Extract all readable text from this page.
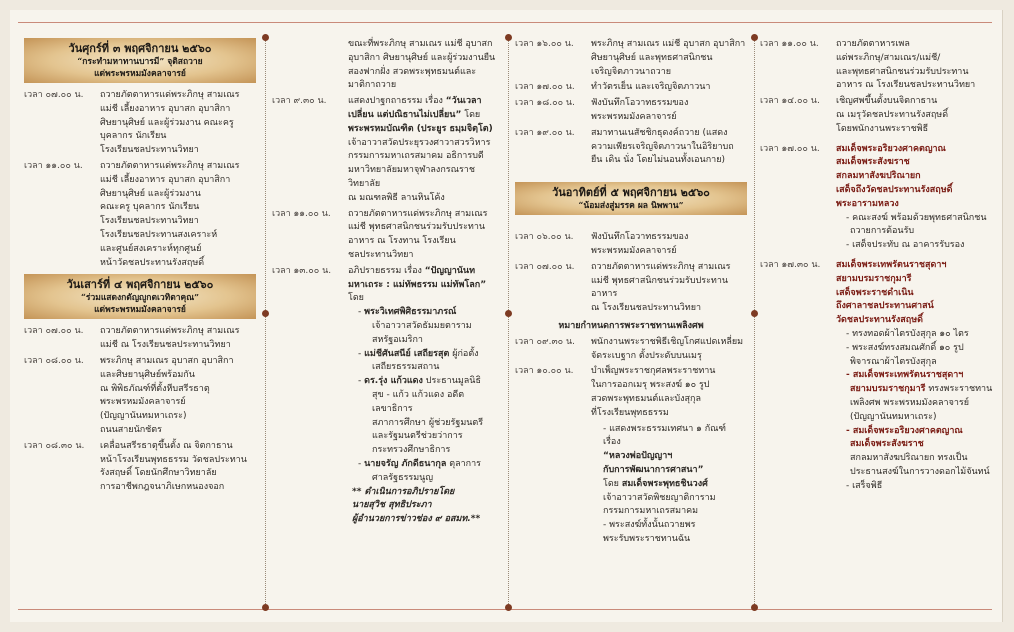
วันศุกร์ที่ ๓ พฤศจิกายน ๒๕๖๐
“กระทำมหาทานบารมี” จุติสถวาย
แด่พระพรหมมังคลาจารย์
เวลา ๐๗.๐๐ น.	ถวายภัตตาหารแด่พระภิกษุ สามเณร
แม่ชี เลี้ยงอาหาร อุบาสก อุบาสิกา
ศิษยานุศิษย์ และผู้ร่วมงาน คณะครู
บุคลากร นักเรียน
โรงเรียนชลประทานวิทยา
เวลา ๑๑.๐๐ น.	ถวายภัตตาหารแด่พระภิกษุ สามเณร
แม่ชี เลี้ยงอาหาร อุบาสก อุบาสิกา
ศิษยานุศิษย์ และผู้ร่วมงาน
คณะครู บุคลากร นักเรียน
โรงเรียนชลประทานวิทยา
โรงเรียนชลประทานสงเคราะห์
และศูนย์สงเคราะห์ทุกศูนย์
หน้าวัดชลประทานรังสฤษดิ์
วันเสาร์ที่ ๔ พฤศจิกายน ๒๕๖๐
“ร่วมแสดงกตัญญูกตเวทิตาคุณ”
แด่พระพรหมมังคลาจารย์
เวลา ๐๗.๐๐ น.	ถวายภัตตาหารแด่พระภิกษุ สามเณร
แม่ชี ณ โรงเรียนชลประทานวิทยา
เวลา ๐๘.๐๐ น.	พระภิกษุ สามเณร อุบาสก อุบาสิกา
และศิษยานุศิษย์พร้อมกัน
ณ พิพิธภัณฑ์ที่ตั้งหีบสรีรธาตุ
พระพรหมมังคลาจารย์
(ปัญญานันทมหาเถระ)
ถนนสายนักชัตร
เวลา ๐๘.๓๐ น.	เคลื่อนสรีรธาตุขึ้นตั้ง ณ จิตกาธาน
หน้าโรงเรียนพุทธธรรม วัดชลประทาน
รังสฤษดิ์ โดยนักศึกษาวิทยาลัย
การอาชีพกฎจนาภิเษกหนองจอก
ขณะที่พระภิกษุ สามเณร แม่ชี อุบาสก
อุบาสิกา ศิษยานุศิษย์ และผู้ร่วมงานยืน
สองฟากฝั่ง สวดพระพุทธมนต์และ
มาติกาถวาย
เวลา ๙.๓๐ น.	แสดงปาฐกถาธรรม เรื่อง “วันเวลา
เปลี่ยน แต่ปณิธานไม่เปลี่ยน” โดย
พระพรหมบัณฑิต (ประยูร ธมฺมจิตฺโต)
เจ้าอาวาสวัดประยุรวงศาวาสวรวิหาร
กรรมการมหาเถรสมาคม อธิการบดี
มหาวิทยาลัยมหาจุฬาลงกรณราชวิทยาลัย
ณ มณฑลพิธี ลานหินโค้ง
เวลา ๑๑.๐๐ น.	ถวายภัตตาหารแด่พระภิกษุ สามเณร
แม่ชี พุทธศาสนิกชนร่วมรับประทาน
อาหาร ณ โรงทาน โรงเรียน
ชลประทานวิทยา
เวลา ๑๓.๐๐ น.	อภิปรายธรรม เรื่อง “ปัญญานันท
มหาเถระ : แม่ทัพธรรม แม่ทัพโลก”
โดย
- พระวิเทศพิศิธรรมาภรณ์
เจ้าอาวาสวัดธัมมยตาราม
สหรัฐอเมริกา
- แม่ชีศันสนีย์ เสถียรสุต ผู้ก่อตั้ง
เสถียรธรรมสถาน
- ดร.รุ่ง แก้วแดง ประธานมูลนิธิ
สุข - แก้ว แก้วแดง อดีตเลขาธิการ
สภาการศึกษา ผู้ช่วยรัฐมนตรี
และรัฐมนตรีช่วยว่าการ
กระทรวงศึกษาธิการ
- นายจรัญ ภักดีธนากุล ตุลาการ
ศาลรัฐธรรมนูญ
** ดำเนินการอภิปรายโดย
นายสุวิช สุทธิประภา
ผู้อํานวยการข่าวช่อง ๙ อสมท.**
เวลา ๑๖.๐๐ น.	พระภิกษุ สามเณร แม่ชี อุบาสก อุบาสิกา
ศิษยานุศิษย์ และพุทธศาสนิกชน
เจริญจิตภาวนาถวาย
เวลา ๑๗.๐๐ น.	ทำวัตรเย็น และเจริญจิตภาวนา
เวลา ๑๘.๐๐ น.	ฟังบันทึกโอวาทธรรมของ
พระพรหมมังคลาจารย์
เวลา ๑๙.๐๐ น.	สมาทานเนสัชชิกธุดงค์ถวาย (แสดง
ความเพียรเจริญจิตภาวนาในอิริยาบถ
ยืน เดิน นั่ง โดยไม่นอนทั้งเอนกาย)
วันอาทิตย์ที่ ๕ พฤศจิกายน ๒๕๖๐
“น้อมส่งสู่มรรค ผล นิพพาน”
เวลา ๐๖.๐๐ น.	ฟังบันทึกโอวาทธรรมของ
พระพรหมมังคลาจารย์
เวลา ๐๗.๐๐ น.	ถวายภัตตาหารแด่พระภิกษุ สามเณร
แม่ชี พุทธศาสนิกชนร่วมรับประทานอาหาร
ณ โรงเรียนชลประทานวิทยา
หมายกำหนดการพระราชทานเพลิงศพ
เวลา ๐๙.๓๐ น.	พนักงานพระราชพิธีเชิญโกศแปดเหลี่ยม
จัดระเบฐาก ตั้งประดับบนเมรุ
เวลา ๑๐.๐๐ น.	บำเพ็ญพระราชกุศลพระราชทาน
ในการออกเมรุ พระสงฆ์ ๑๐ รูป
สวดพระพุทธมนต์และบังสุกุล
ที่โรงเรียนพุทธธรรม
- แสดงพระธรรมเทศนา ๑ กัณฑ์
เรื่อง
“หลวงพ่อปัญญาฯ
กับการพัฒนาการศาสนา”
โดย สมเด็จพระพุทธชินวงศ์
เจ้าอาวาสวัดพิชยญาติการาม
กรรมการมหาเถรสมาคม
- พระสงฆ์ทั้งนั้นถวายพร
พระรับพระราชทานฉัน
เวลา ๑๑.๐๐ น.	ถวายภัตตาหารเพล
แด่พระภิกษุ/สามเณร/แม่ชี/
และพุทธศาสนิกชนร่วมรับประทาน
อาหาร ณ โรงเรียนชลประทานวิทยา
เวลา ๑๔.๐๐ น.	เชิญศพขึ้นตั้งบนจิตกาธาน
ณ เมรุวัดชลประทานรังสฤษดิ์
โดยพนักงานพระราชพิธี
เวลา ๑๗.๐๐ น.	สมเด็จพระอริยวงศาคตญาณ
สมเด็จพระสังฆราช
สกลมหาสังฆปริณายก
เสด็จถึงวัดชลประทานรังสฤษดิ์
พระอารามหลวง
- คณะสงฆ์ พร้อมด้วยพุทธศาสนิกชน
ถวายการต้อนรับ
- เสด็จประทับ ณ อาคารรับรอง
เวลา ๑๗.๓๐ น.	สมเด็จพระเทพรัตนราชสุดาฯ
สยามบรมราชกุมารี
เสด็จพระราชดำเนิน
ถึงศาลาชลประทานศาสน์
วัดชลประทานรังสฤษดิ์
- ทรงทอดผ้าไตรบังสุกุล ๑๐ ไตร
- พระสงฆ์ทรงสมณศักดิ์ ๑๐ รูป
พิจารณาผ้าไตรบังสุกุล
- สมเด็จพระเทพรัตนราชสุดาฯ
สยามบรมราชกุมารี ทรงพระราชทาน
เพลิงศพ พระพรหมมังคลาจารย์
(ปัญญานันทมหาเถระ)
- สมเด็จพระอริยวงศาคตญาณ
สมเด็จพระสังฆราช
สกลมหาสังฆปริณายก ทรงเป็น
ประธานสงฆ์ในการวางดอกไม้จันทน์
- เสร็จพิธี
